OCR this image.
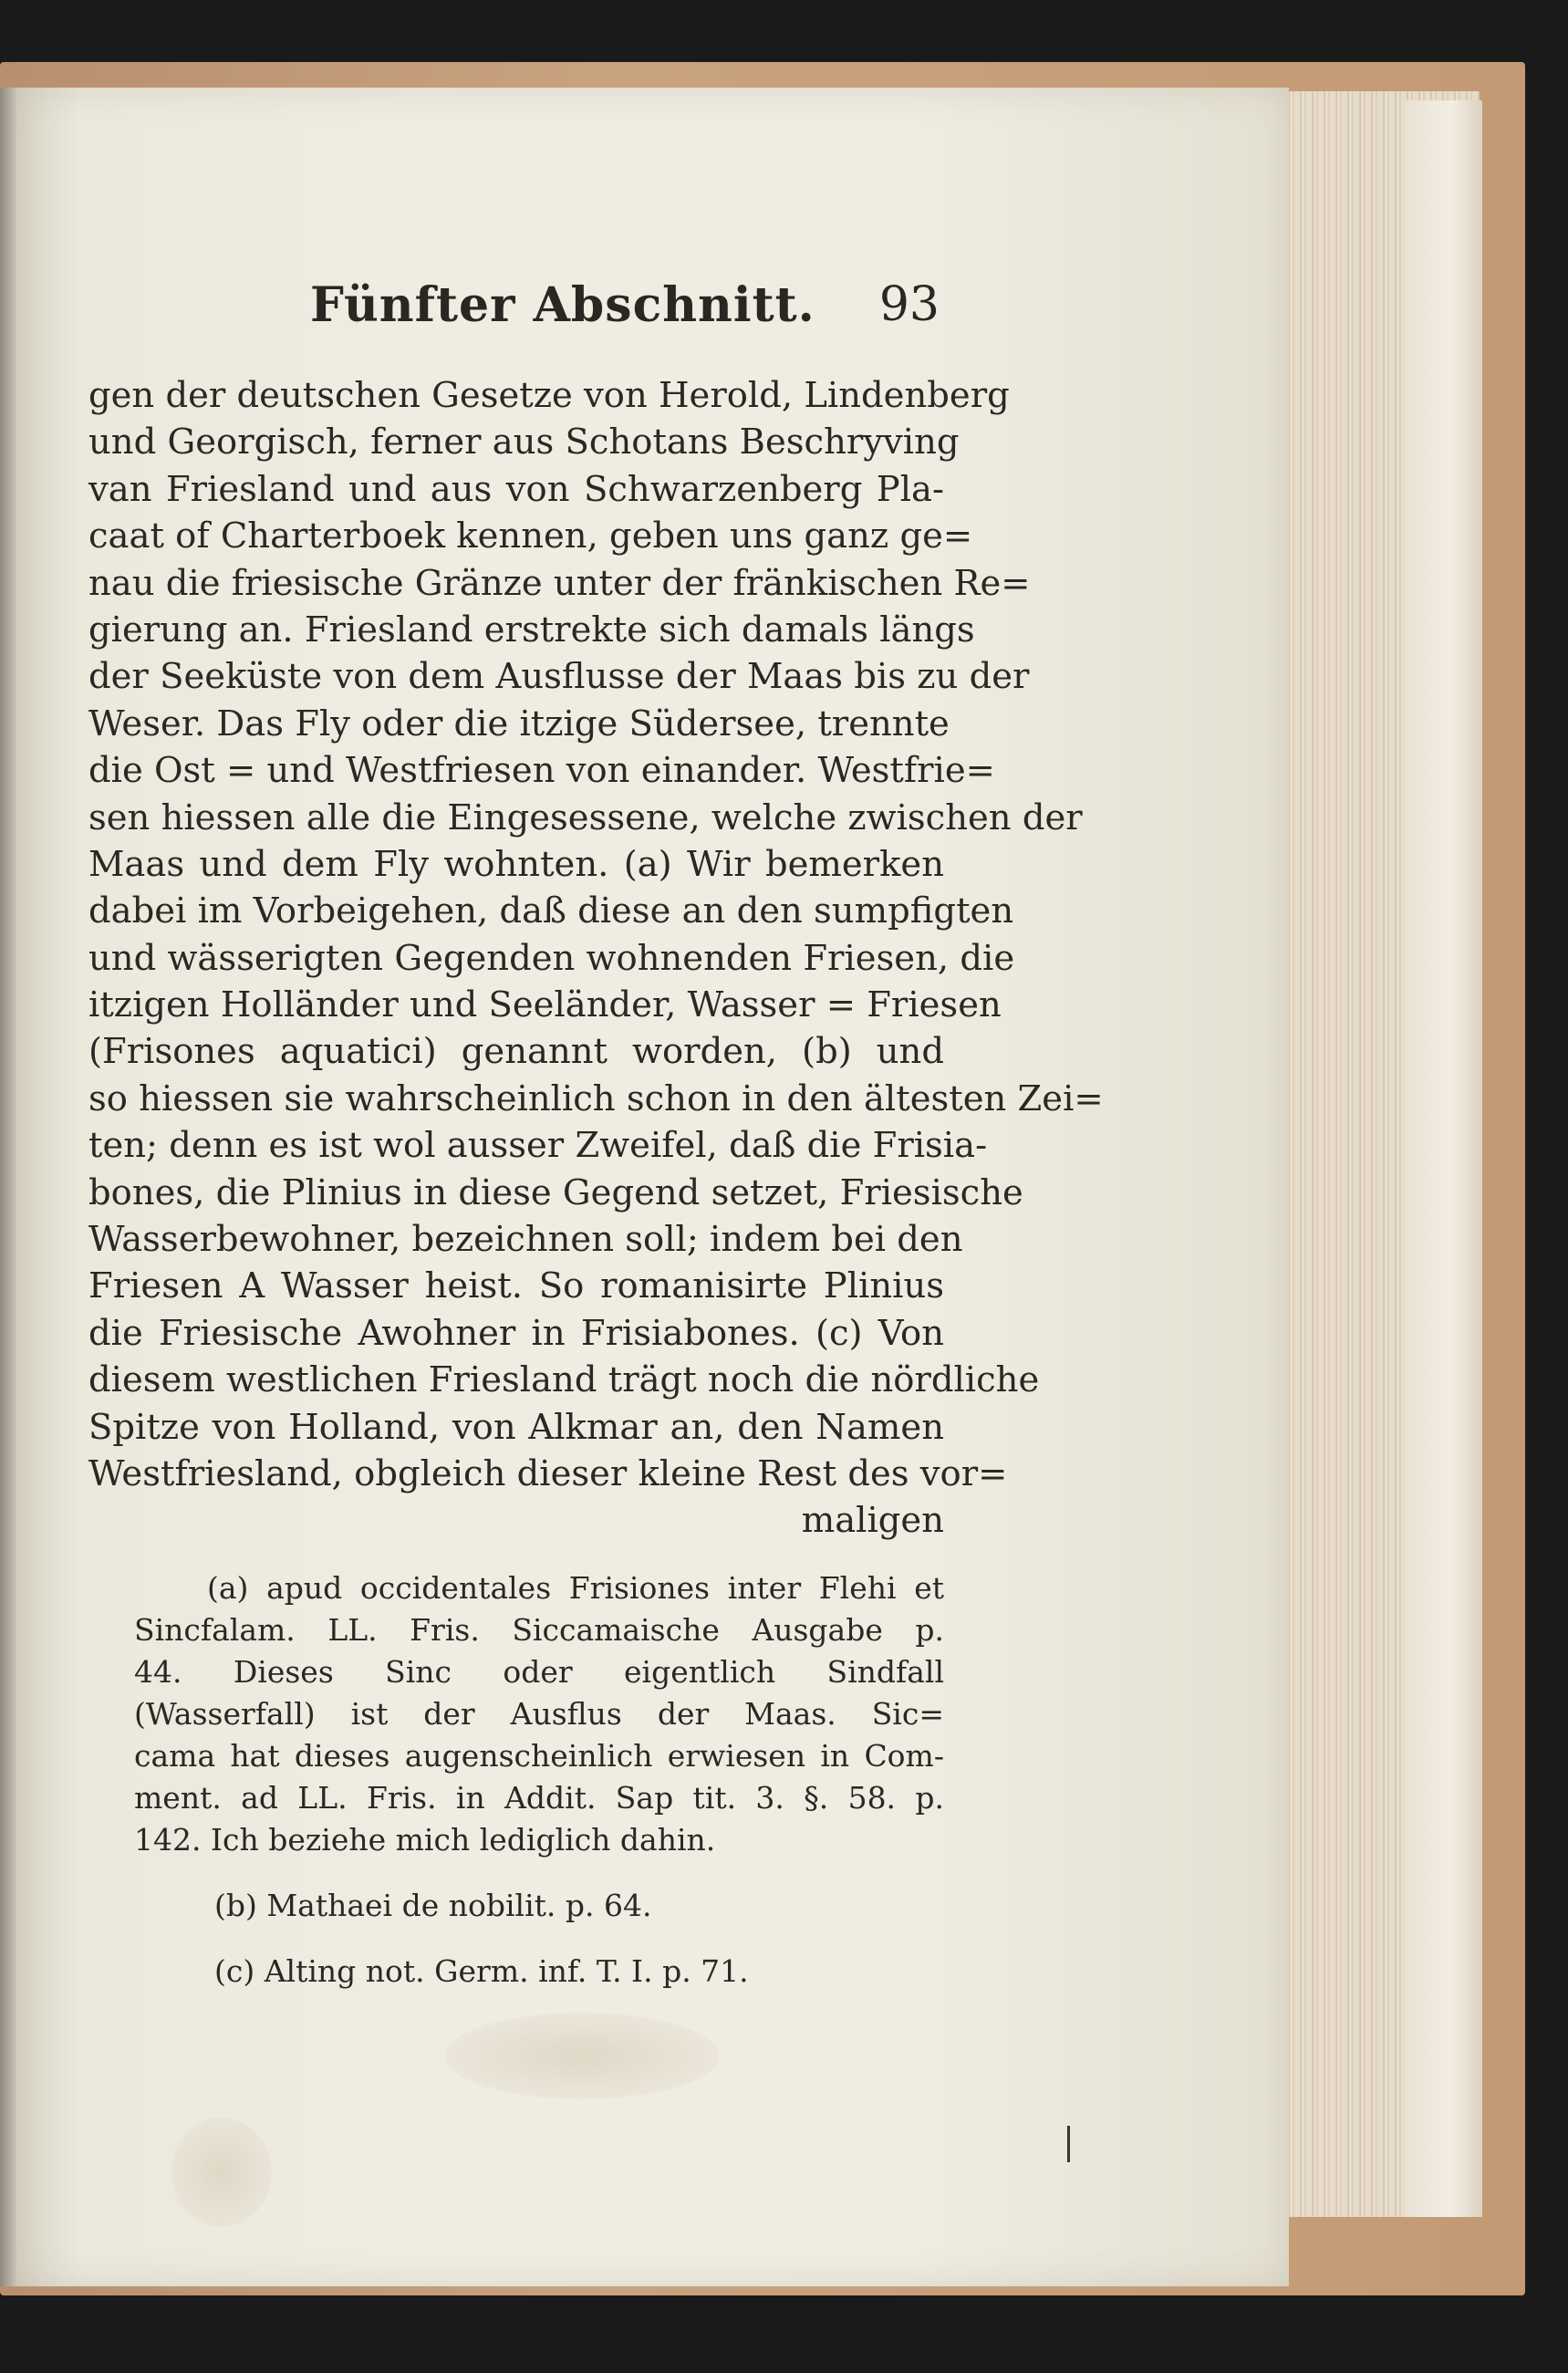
Fünfter Abschnitt. 93
gen der deutschen Gesetze von Herold, Lindenberg
und Georgisch, ferner aus Schotans Beschryving
van Friesland und aus von Schwarzenberg Pla-
caat of Charterboek kennen, geben uns ganz ge=
nau die friesische Gränze unter der fränkischen Re=
gierung an. Friesland erstrekte sich damals längs
der Seeküste von dem Ausflusse der Maas bis zu der
Weser. Das Fly oder die itzige Südersee, trennte
die Ost = und Westfriesen von einander. Westfrie=
sen hiessen alle die Eingesessene, welche zwischen der
Maas und dem Fly wohnten. (a) Wir bemerken
dabei im Vorbeigehen, daß diese an den sumpfigten
und wässerigten Gegenden wohnenden Friesen, die
itzigen Holländer und Seeländer, Wasser = Friesen
(Frisones aquatici) genannt worden, (b) und
so hiessen sie wahrscheinlich schon in den ältesten Zei=
ten; denn es ist wol ausser Zweifel, daß die Frisia-
bones, die Plinius in diese Gegend setzet, Friesische
Wasserbewohner, bezeichnen soll; indem bei den
Friesen A Wasser heist. So romanisirte Plinius
die Friesische Awohner in Frisiabones. (c) Von
diesem westlichen Friesland trägt noch die nördliche
Spitze von Holland, von Alkmar an, den Namen
Westfriesland, obgleich dieser kleine Rest des vor=
maligen
(a) apud occidentales Frisiones inter Flehi et
Sincfalam. LL. Fris. Siccamaische Ausgabe p.
44. Dieses Sinc oder eigentlich Sindfall
(Wasserfall) ist der Ausflus der Maas. Sic=
cama hat dieses augenscheinlich erwiesen in Com-
ment. ad LL. Fris. in Addit. Sap tit. 3. §. 58. p.
142. Ich beziehe mich lediglich dahin.
(b) Mathaei de nobilit. p. 64.
(c) Alting not. Germ. inf. T. I. p. 71.
